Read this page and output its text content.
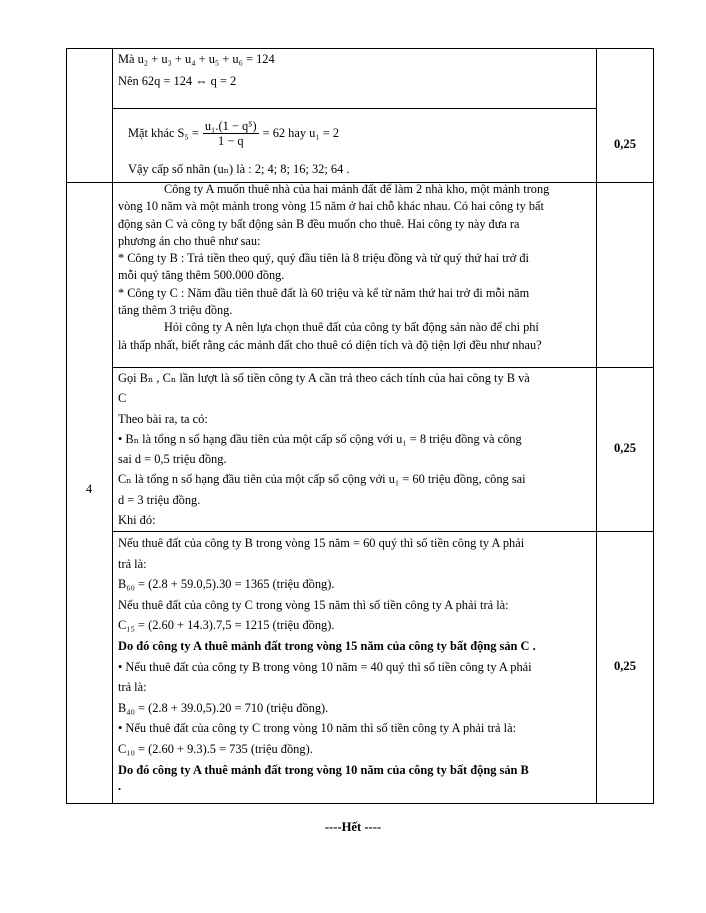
Mà u₂ + u₃ + u₄ + u₅ + u₆ = 124
Nên 62q = 124 ⇔ q = 2
Mặt khác $S_5 = \frac{\text{u₁.(1 − q⁵)}}{1 - q} = 62$ hay u₁ = 2
Vậy cấp số nhân (uₙ) là : 2; 4; 8; 16; 32; 64 .
0,25
4
Công ty A muốn thuê nhà của hai mảnh đất để làm 2 nhà kho, một mảnh trong
vòng 10 năm và một mảnh trong vòng 15 năm ở hai chỗ khác nhau. Có hai công ty bất
động sản C và công ty bất động sản B đều muốn cho thuê. Hai công ty này đưa ra
phương án cho thuê như sau:
* Công ty B : Trả tiền theo quý, quý đầu tiên là 8 triệu đồng và từ quý thứ hai trở đi
mỗi quý tăng thêm 500.000 đồng.
* Công ty C : Năm đầu tiên thuê đất là 60 triệu và kể từ năm thứ hai trở đi mỗi năm
tăng thêm 3 triệu đồng.
Hỏi công ty A nên lựa chọn thuê đất của công ty bất động sản nào để chi phí
là thấp nhất, biết rằng các mảnh đất cho thuê có diện tích và độ tiện lợi đều như nhau?
Gọi Bₙ , Cₙ lần lượt là số tiền công ty A cần trả theo cách tính của hai công ty B và
C
Theo bài ra, ta có:
• Bₙ là tổng n số hạng đầu tiên của một cấp số cộng với u₁ = 8 triệu đồng và công
sai d = 0,5 triệu đồng.
Cₙ là tổng n số hạng đầu tiên của một cấp số cộng với u₁ = 60 triệu đồng, công sai
d = 3 triệu đồng.
Khi đó:
0,25
Nếu thuê đất của công ty B trong vòng 15 năm = 60 quý thì số tiền công ty A phải
trả là:
B₆₀ = (2.8 + 59.0,5).30 = 1365 (triệu đồng).
Nếu thuê đất của công ty C trong vòng 15 năm thì số tiền công ty A phải trả là:
C₁₅ = (2.60 + 14.3).7,5 = 1215 (triệu đồng).
Do đó công ty A thuê mảnh đất trong vòng 15 năm của công ty bất động sản C .
• Nếu thuê đất của công ty B trong vòng 10 năm = 40 quý thì số tiền công ty A phải
trả là:
B₄₀ = (2.8 + 39.0,5).20 = 710 (triệu đồng).
• Nếu thuê đất của công ty C trong vòng 10 năm thì số tiền công ty A phải trả là:
C₁₀ = (2.60 + 9.3).5 = 735 (triệu đồng).
Do đó công ty A thuê mảnh đất trong vòng 10 năm của công ty bất động sản B
.
0,25
----Hết ----
